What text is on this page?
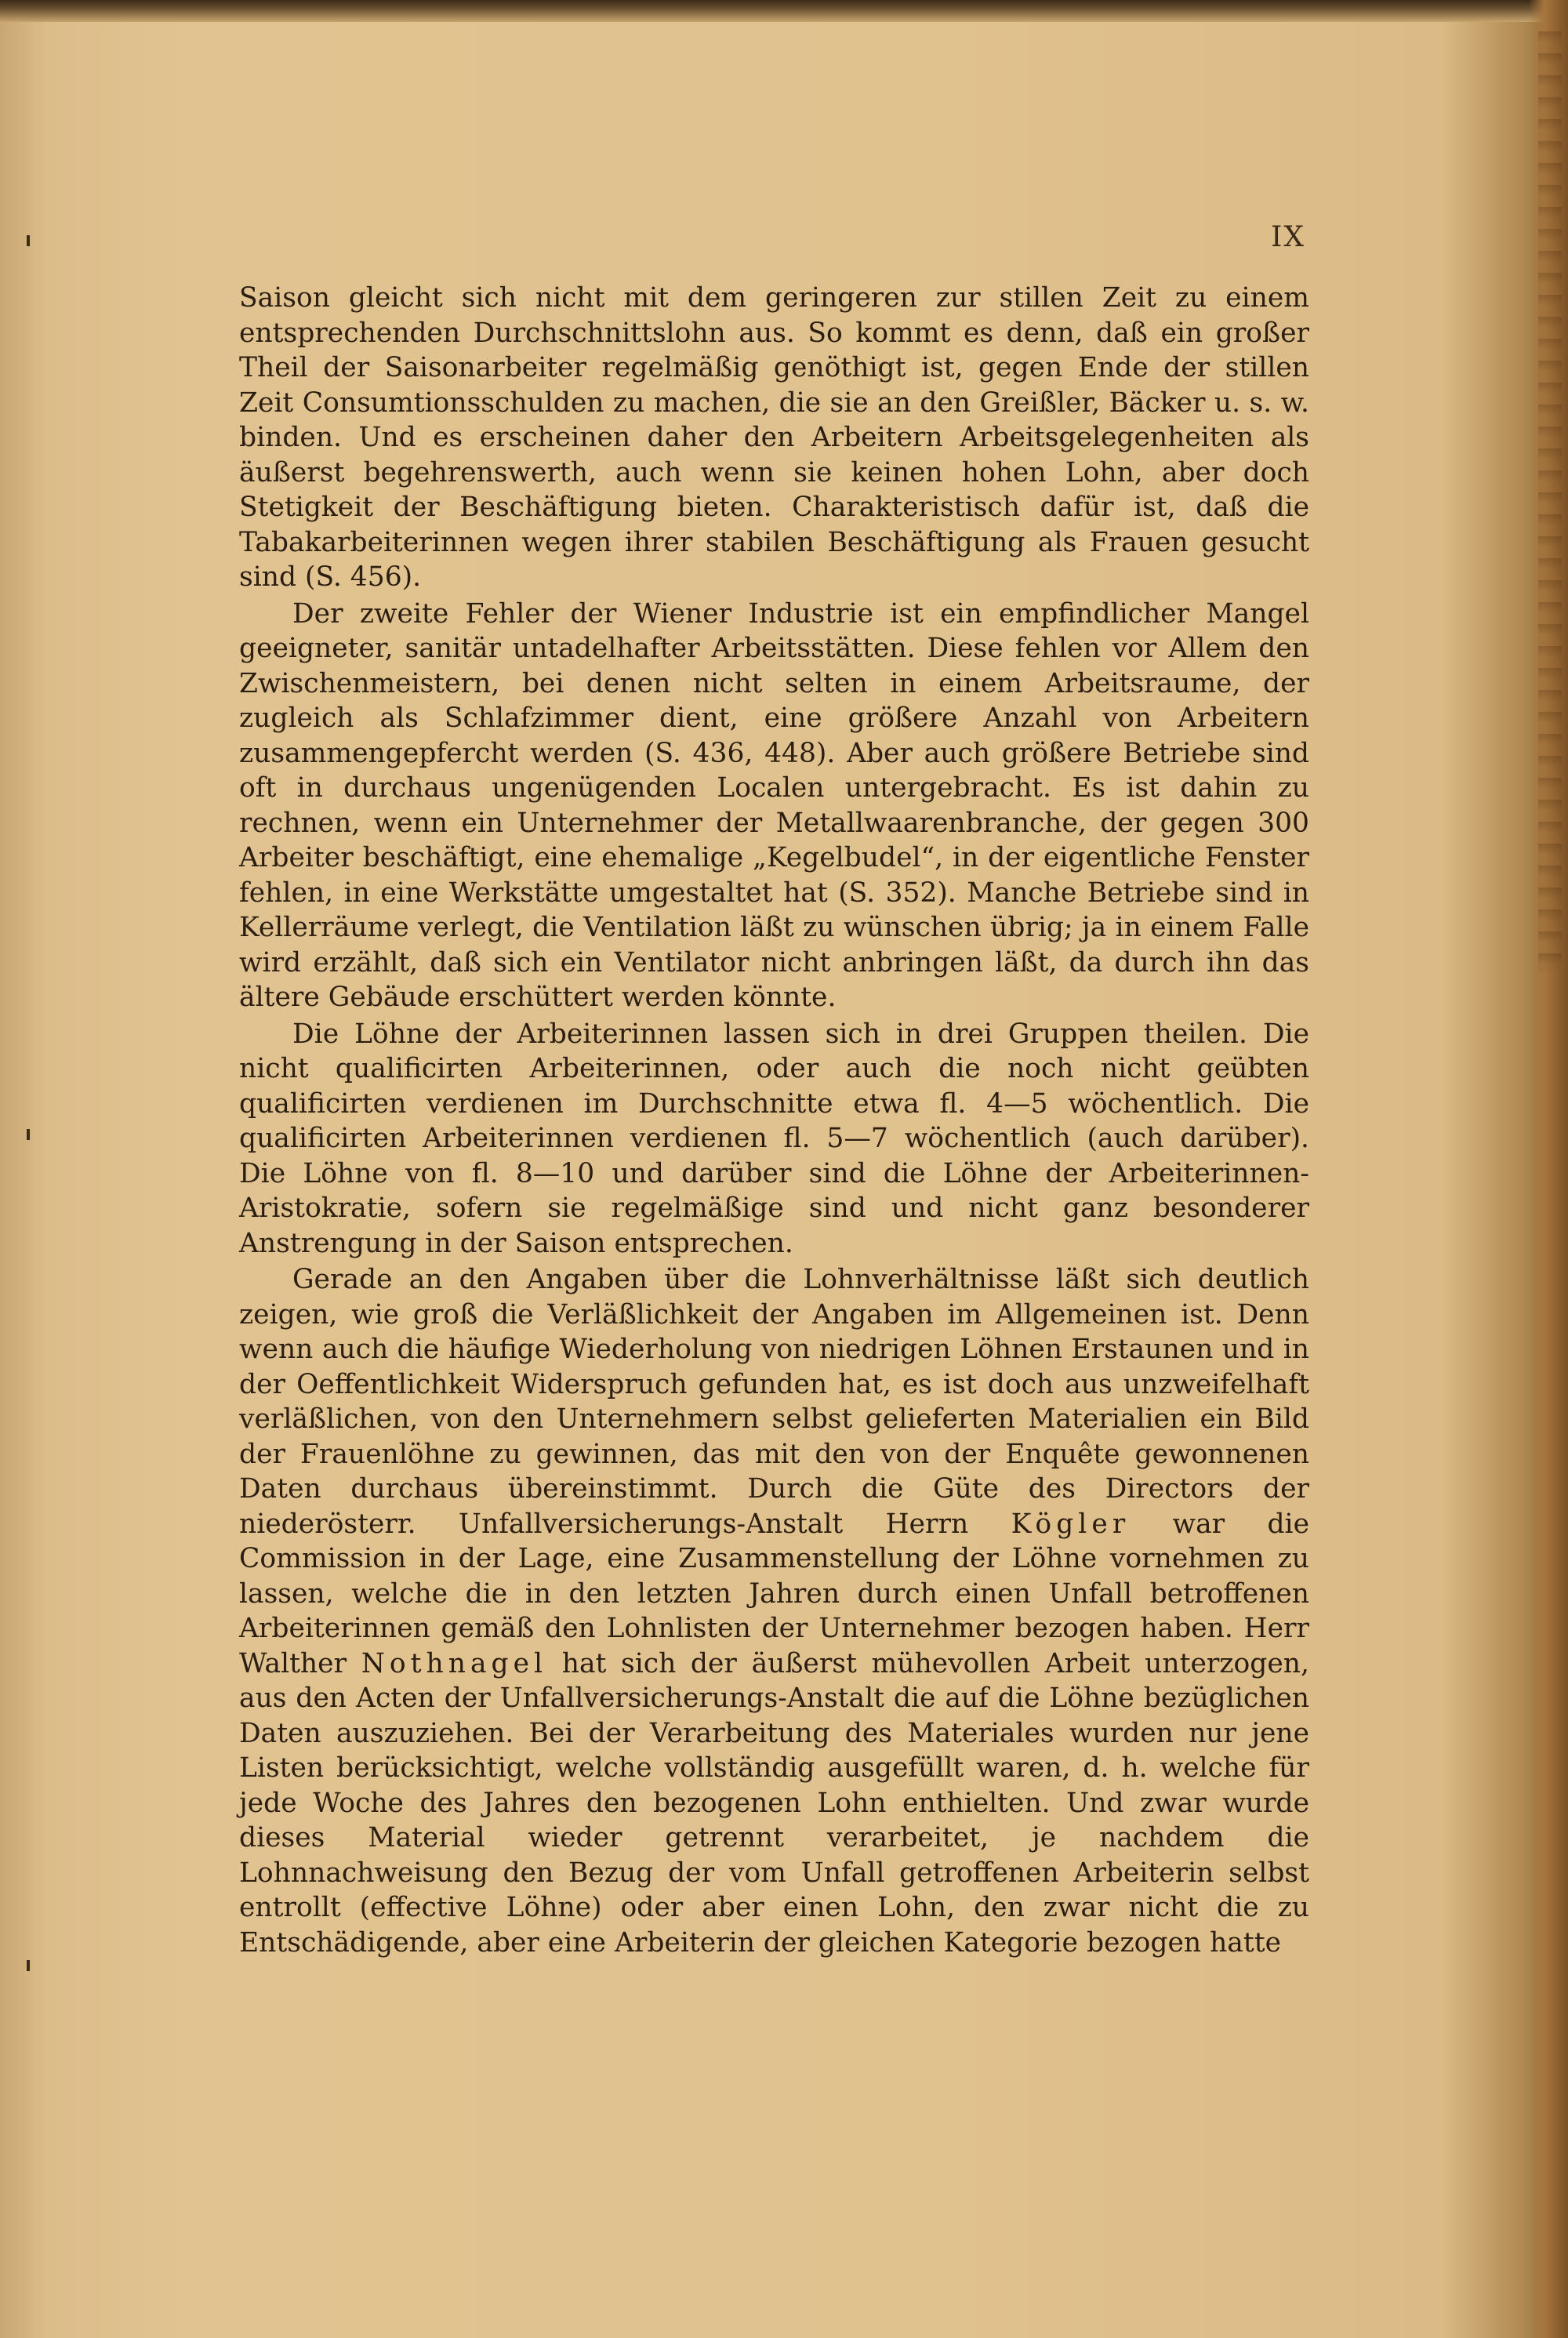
IX

Saison gleicht sich nicht mit dem geringeren zur stillen Zeit zu einem entsprechenden Durchschnittslohn aus. So kommt es denn, daß ein großer Theil der Saisonarbeiter regelmäßig genöthigt ist, gegen Ende der stillen Zeit Consumtionsschulden zu machen, die sie an den Greißler, Bäcker u. s. w. binden. Und es erscheinen daher den Arbeitern Arbeitsgelegenheiten als äußerst begehrenswerth, auch wenn sie keinen hohen Lohn, aber doch Stetigkeit der Beschäftigung bieten. Charakteristisch dafür ist, daß die Tabakarbeiterinnen wegen ihrer stabilen Beschäftigung als Frauen gesucht sind (S. 456).

Der zweite Fehler der Wiener Industrie ist ein empfindlicher Mangel geeigneter, sanitär untadelhafter Arbeitsstätten. Diese fehlen vor Allem den Zwischenmeistern, bei denen nicht selten in einem Arbeitsraume, der zugleich als Schlafzimmer dient, eine größere Anzahl von Arbeitern zusammengepfercht werden (S. 436, 448). Aber auch größere Betriebe sind oft in durchaus ungenügenden Localen untergebracht. Es ist dahin zu rechnen, wenn ein Unternehmer der Metallwaarenbranche, der gegen 300 Arbeiter beschäftigt, eine ehemalige „Kegelbudel“, in der eigentliche Fenster fehlen, in eine Werkstätte umgestaltet hat (S. 352). Manche Betriebe sind in Kellerräume verlegt, die Ventilation läßt zu wünschen übrig; ja in einem Falle wird erzählt, daß sich ein Ventilator nicht anbringen läßt, da durch ihn das ältere Gebäude erschüttert werden könnte.

Die Löhne der Arbeiterinnen lassen sich in drei Gruppen theilen. Die nicht qualificirten Arbeiterinnen, oder auch die noch nicht geübten qualificirten verdienen im Durchschnitte etwa fl. 4—5 wöchentlich. Die qualificirten Arbeiterinnen verdienen fl. 5—7 wöchentlich (auch darüber). Die Löhne von fl. 8—10 und darüber sind die Löhne der Arbeiterinnen-Aristokratie, sofern sie regelmäßige sind und nicht ganz besonderer Anstrengung in der Saison entsprechen.

Gerade an den Angaben über die Lohnverhältnisse läßt sich deutlich zeigen, wie groß die Verläßlichkeit der Angaben im Allgemeinen ist. Denn wenn auch die häufige Wiederholung von niedrigen Löhnen Erstaunen und in der Oeffentlichkeit Widerspruch gefunden hat, es ist doch aus unzweifelhaft verläßlichen, von den Unternehmern selbst gelieferten Materialien ein Bild der Frauenlöhne zu gewinnen, das mit den von der Enquête gewonnenen Daten durchaus übereinstimmt. Durch die Güte des Directors der niederösterr. Unfallversicherungs-Anstalt Herrn Kögler war die Commission in der Lage, eine Zusammenstellung der Löhne vornehmen zu lassen, welche die in den letzten Jahren durch einen Unfall betroffenen Arbeiterinnen gemäß den Lohnlisten der Unternehmer bezogen haben. Herr Walther Nothnagel hat sich der äußerst mühevollen Arbeit unterzogen, aus den Acten der Unfallversicherungs-Anstalt die auf die Löhne bezüglichen Daten auszuziehen. Bei der Verarbeitung des Materiales wurden nur jene Listen berücksichtigt, welche vollständig ausgefüllt waren, d. h. welche für jede Woche des Jahres den bezogenen Lohn enthielten. Und zwar wurde dieses Material wieder getrennt verarbeitet, je nachdem die Lohnnachweisung den Bezug der vom Unfall getroffenen Arbeiterin selbst entrollt (effective Löhne) oder aber einen Lohn, den zwar nicht die zu Entschädigende, aber eine Arbeiterin der gleichen Kategorie bezogen hatte
